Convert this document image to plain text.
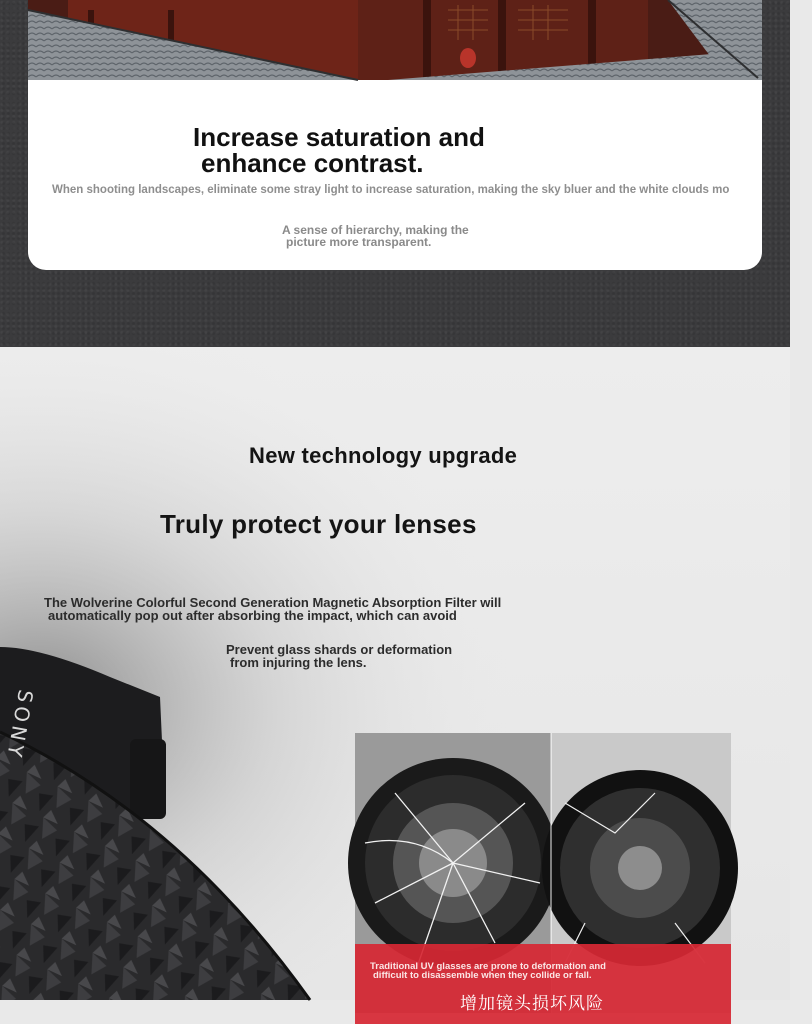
Increase saturation and
enhance contrast.

When shooting landscapes, eliminate some stray light to increase saturation, making the sky bluer and the white clouds mo

A sense of hierarchy, making the
picture more transparent.

SONY
New technology upgrade
Truly protect your lenses

The Wolverine Colorful Second Generation Magnetic Absorption Filter will
automatically pop out after absorbing the impact, which can avoid

Prevent glass shards or deformation
from injuring the lens.

Traditional UV glasses are prone to deformation and
difficult to disassemble when they collide or fall.

增加镜头损坏风险
